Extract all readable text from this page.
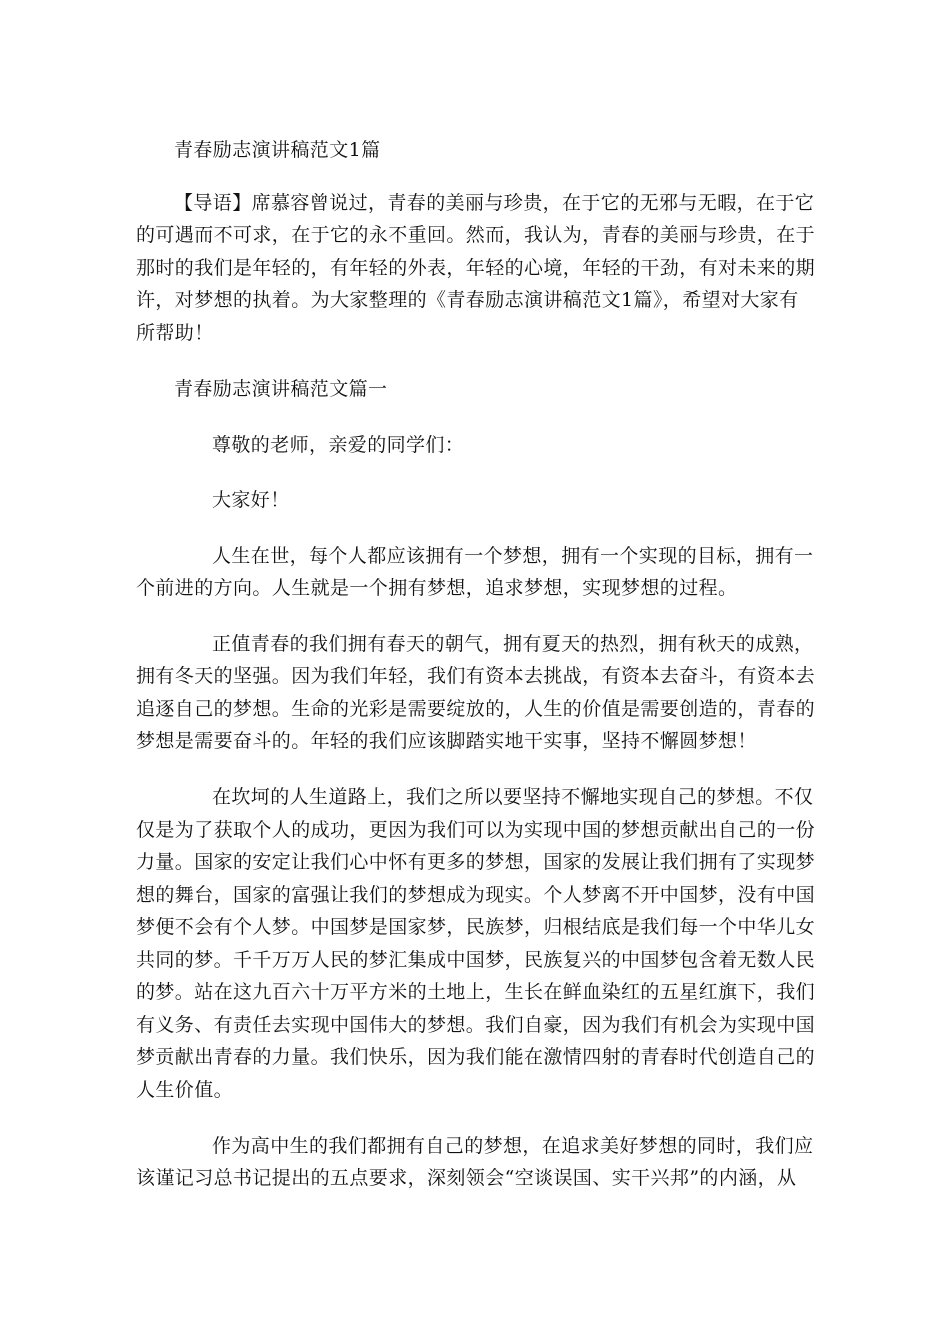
青春励志演讲稿范文1篇
【导语】席慕容曾说过，青春的美丽与珍贵，在于它的无邪与无暇，在于它
的可遇而不可求，在于它的永不重回。然而，我认为，青春的美丽与珍贵，在于
那时的我们是年轻的，有年轻的外表，年轻的心境，年轻的干劲，有对未来的期
许，对梦想的执着。为大家整理的《青春励志演讲稿范文1篇》，希望对大家有
所帮助！
青春励志演讲稿范文篇一
尊敬的老师，亲爱的同学们：
大家好！
人生在世，每个人都应该拥有一个梦想，拥有一个实现的目标，拥有一
个前进的方向。人生就是一个拥有梦想，追求梦想，实现梦想的过程。
正值青春的我们拥有春天的朝气，拥有夏天的热烈，拥有秋天的成熟，
拥有冬天的坚强。因为我们年轻，我们有资本去挑战，有资本去奋斗，有资本去
追逐自己的梦想。生命的光彩是需要绽放的，人生的价值是需要创造的，青春的
梦想是需要奋斗的。年轻的我们应该脚踏实地干实事，坚持不懈圆梦想！
在坎坷的人生道路上，我们之所以要坚持不懈地实现自己的梦想。不仅
仅是为了获取个人的成功，更因为我们可以为实现中国的梦想贡献出自己的一份
力量。国家的安定让我们心中怀有更多的梦想，国家的发展让我们拥有了实现梦
想的舞台，国家的富强让我们的梦想成为现实。个人梦离不开中国梦，没有中国
梦便不会有个人梦。中国梦是国家梦，民族梦，归根结底是我们每一个中华儿女
共同的梦。千千万万人民的梦汇集成中国梦，民族复兴的中国梦包含着无数人民
的梦。站在这九百六十万平方米的土地上，生长在鲜血染红的五星红旗下，我们
有义务、有责任去实现中国伟大的梦想。我们自豪，因为我们有机会为实现中国
梦贡献出青春的力量。我们快乐，因为我们能在激情四射的青春时代创造自己的
人生价值。
作为高中生的我们都拥有自己的梦想，在追求美好梦想的同时，我们应
该谨记习总书记提出的五点要求，深刻领会“空谈误国、实干兴邦”的内涵，从
